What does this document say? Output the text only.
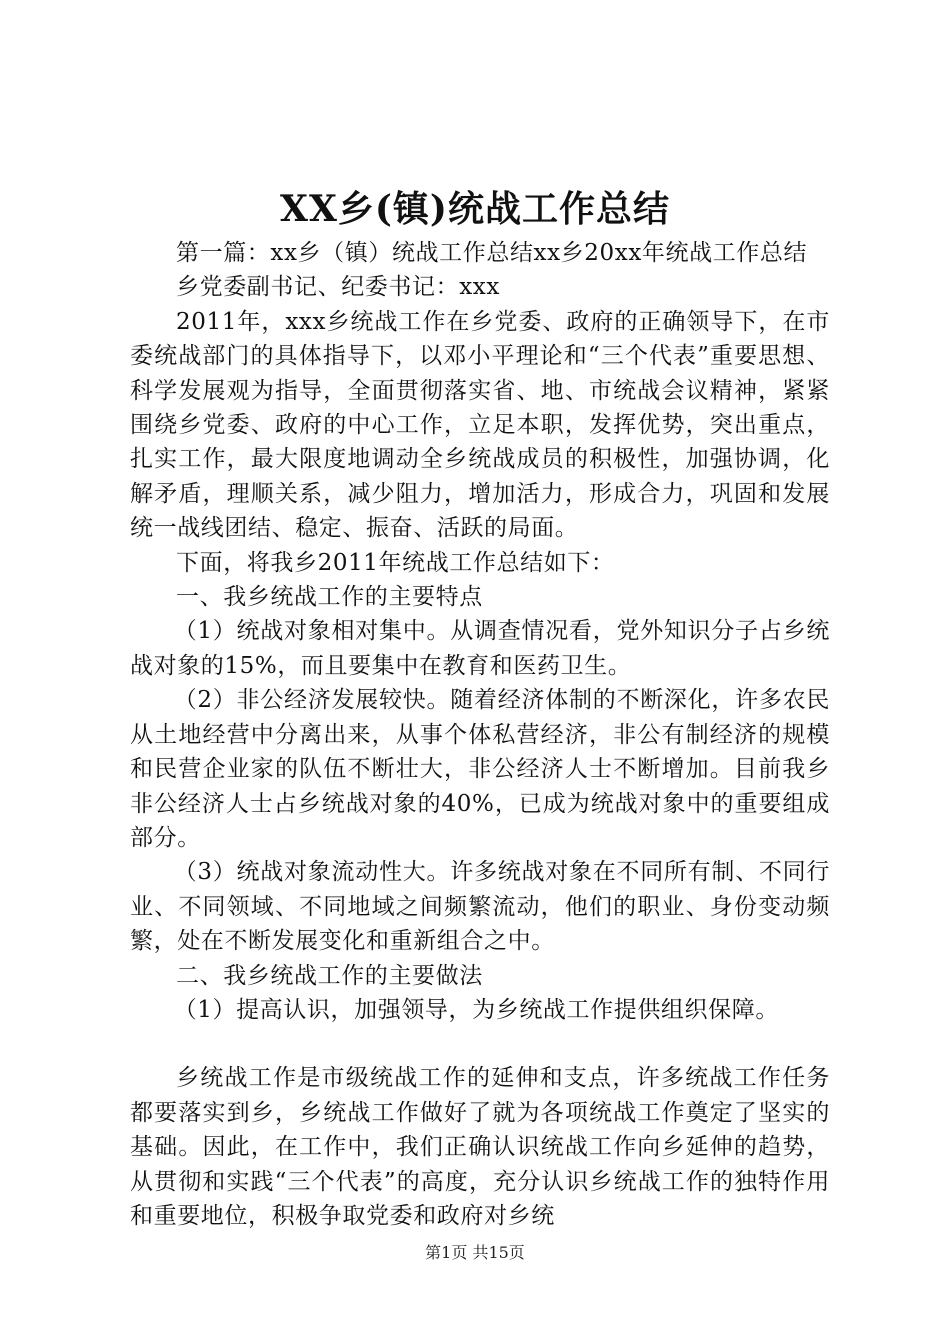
XX乡(镇)统战工作总结

第一篇：xx乡（镇）统战工作总结xx乡20xx年统战工作总结

乡党委副书记、纪委书记：xxx

2011年，xxx乡统战工作在乡党委、政府的正确领导下，在市委统战部门的具体指导下，以邓小平理论和“三个代表”重要思想、科学发展观为指导，全面贯彻落实省、地、市统战会议精神，紧紧围绕乡党委、政府的中心工作，立足本职，发挥优势，突出重点，扎实工作，最大限度地调动全乡统战成员的积极性，加强协调，化解矛盾，理顺关系，减少阻力，增加活力，形成合力，巩固和发展统一战线团结、稳定、振奋、活跃的局面。

下面，将我乡2011年统战工作总结如下：

一、我乡统战工作的主要特点

（1）统战对象相对集中。从调查情况看，党外知识分子占乡统战对象的15%，而且要集中在教育和医药卫生。

（2）非公经济发展较快。随着经济体制的不断深化，许多农民从土地经营中分离出来，从事个体私营经济，非公有制经济的规模和民营企业家的队伍不断壮大，非公经济人士不断增加。目前我乡非公经济人士占乡统战对象的40%，已成为统战对象中的重要组成部分。

（3）统战对象流动性大。许多统战对象在不同所有制、不同行业、不同领域、不同地域之间频繁流动，他们的职业、身份变动频繁，处在不断发展变化和重新组合之中。

二、我乡统战工作的主要做法

（1）提高认识，加强领导，为乡统战工作提供组织保障。

乡统战工作是市级统战工作的延伸和支点，许多统战工作任务都要落实到乡，乡统战工作做好了就为各项统战工作奠定了坚实的基础。因此，在工作中，我们正确认识统战工作向乡延伸的趋势，从贯彻和实践“三个代表”的高度，充分认识乡统战工作的独特作用和重要地位，积极争取党委和政府对乡统

第1页 共15页
